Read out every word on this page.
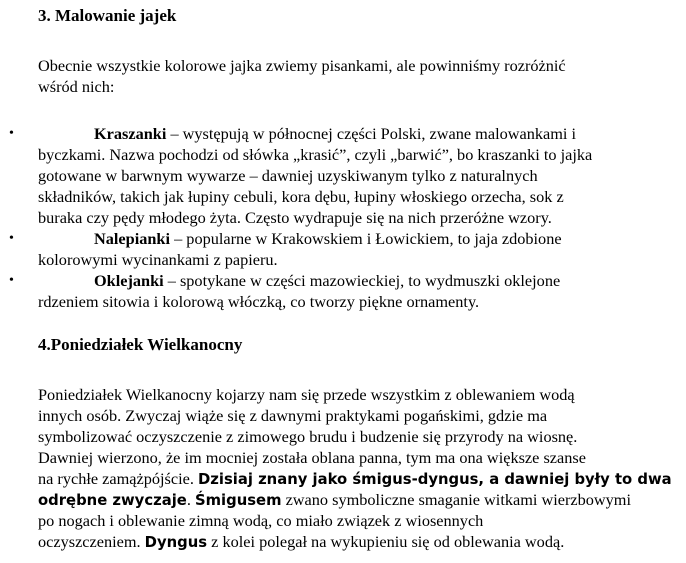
3. Malowanie jajek
Obecnie wszystkie kolorowe jajka zwiemy pisankami, ale powinniśmy rozróżnić
wśród nich:
•	Kraszanki – występują w północnej części Polski, zwane malowankami i
byczkami. Nazwa pochodzi od słówka „krasić”, czyli „barwić”, bo kraszanki to jajka
gotowane w barwnym wywarze – dawniej uzyskiwanym tylko z naturalnych
składników, takich jak łupiny cebuli, kora dębu, łupiny włoskiego orzecha, sok z
buraka czy pędy młodego żyta. Często wydrapuje się na nich przeróżne wzory.
•	Nalepianki – popularne w Krakowskiem i Łowickiem, to jaja zdobione
kolorowymi wycinankami z papieru.
•	Oklejanki – spotykane w części mazowieckiej, to wydmuszki oklejone
rdzeniem sitowia i kolorową włóczką, co tworzy piękne ornamenty.
4.Poniedziałek Wielkanocny
Poniedziałek Wielkanocny kojarzy nam się przede wszystkim z oblewaniem wodą
innych osób. Zwyczaj wiąże się z dawnymi praktykami pogańskimi, gdzie ma
symbolizować oczyszczenie z zimowego brudu i budzenie się przyrody na wiosnę.
Dawniej wierzono, że im mocniej została oblana panna, tym ma ona większe szanse
na rychłe zamążpójście. Dzisiaj znany jako śmigus-dyngus, a dawniej były to dwa
odrębne zwyczaje. Śmigusem zwano symboliczne smaganie witkami wierzbowymi
po nogach i oblewanie zimną wodą, co miało związek z wiosennych
oczyszczeniem. Dyngus z kolei polegał na wykupieniu się od oblewania wodą.
